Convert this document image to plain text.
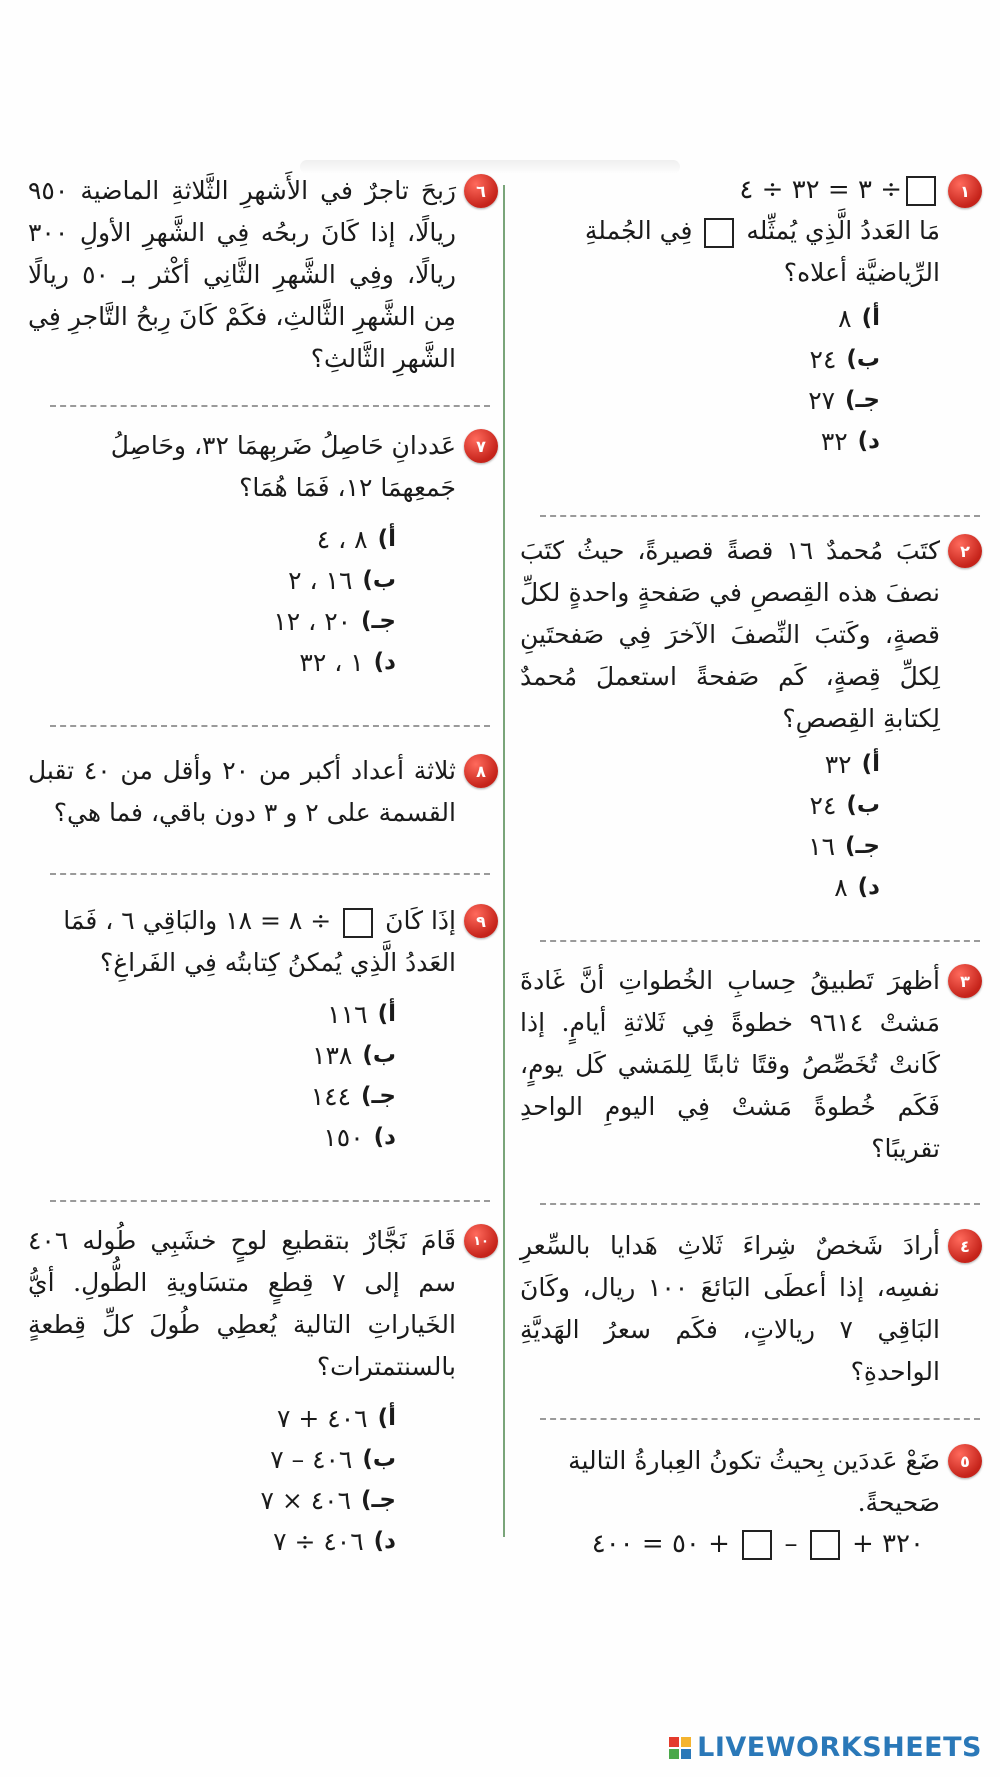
١
÷ ٣ = ٣٢ ÷ ٤
مَا العَددُ الَّذِي يُمثِّله  فِي الجُملةِ الرِّياضيَّة أعلاه؟
أ)
٨
ب)
٢٤
جـ)
٢٧
د)
٣٢
٢
كتَبَ مُحمدٌ ١٦ قصةً قصيرةً، حيثُ كتَبَ نصفَ هذه القِصصِ في صَفحةٍ واحدةٍ لكلِّ قصةٍ، وكَتبَ النِّصفَ الآخرَ فِي صَفحتَينِ لِكلِّ قِصةٍ، كَم صَفحةً استعملَ مُحمدٌ لِكتابةِ القِصصِ؟
أ)
٣٢
ب)
٢٤
جـ)
١٦
د)
٨
٣
أظهرَ تَطبيقُ حِسابِ الخُطواتِ أنَّ غَادةَ مَشتْ ٩٦١٤ خطوةً فِي ثَلاثةِ أيامٍ. إذا كَانتْ تُخَصِّصُ وقتًا ثابتًا لِلمَشي كَل يومٍ، فَكَم خُطوةً مَشتْ فِي اليومِ الواحدِ تقريبًا؟
٤
أرادَ شَخصٌ شِراءَ ثَلاثِ هَدايا بالسِّعرِ نفسِه، إذا أعطَى البَائعَ ١٠٠ ريال، وكَانَ البَاقِي ٧ ريالاتٍ، فكَم سعرُ الهَديَّةِ الواحدةِ؟
٥
ضَعْ عَددَين بِحيثُ تكونُ العِبارةُ التالية صَحيحةً.
٣٢٠ +  –  + ٥٠ = ٤٠٠
٦
رَبحَ تاجرٌ في الأَشهرِ الثَّلاثةِ الماضية ٩٥٠ ريالًا، إذا كَانَ ربحُه فِي الشَّهرِ الأولِ ٣٠٠ ريالًا، وفِي الشَّهرِ الثَّانِي أكْثر بـ ٥٠ ريالًا مِن الشَّهرِ الثَّالثِ، فكَمْ كَانَ رِبحُ التَّاجرِ فِي الشَّهرِ الثَّالثِ؟
٧
عَددانِ حَاصِلُ ضَربِهمَا ٣٢، وحَاصِلُ جَمعِهمَا ١٢، فَمَا هُمَا؟
أ)
٨ ، ٤
ب)
١٦ ، ٢
جـ)
٢٠ ، ١٢
د)
١ ، ٣٢
٨
ثلاثة أعداد أكبر من ٢٠ وأقل من ٤٠ تقبل القسمة على ٢ و ٣ دون باقي، فما هي؟
٩
إذَا كَانَ  ÷ ٨ = ١٨ والبَاقِي ٦ ، فَمَا العَددُ الَّذِي يُمكنُ كِتابتُه فِي الفَراغِ؟
أ)
١١٦
ب)
١٣٨
جـ)
١٤٤
د)
١٥٠
١٠
قَامَ نَجَّارٌ بتقطيعِ لوحٍ خشَبِي طُوله ٤٠٦ سم إلى ٧ قِطعٍ متسَاويةِ الطُّولِ. أيُّ الخَياراتِ التالية يُعطِي طُولَ كلِّ قِطعةٍ بالسنتمترات؟
أ)
٤٠٦ + ٧
ب)
٤٠٦ – ٧
جـ)
٤٠٦ × ٧
د)
٤٠٦ ÷ ٧
LIVEWORKSHEETS
